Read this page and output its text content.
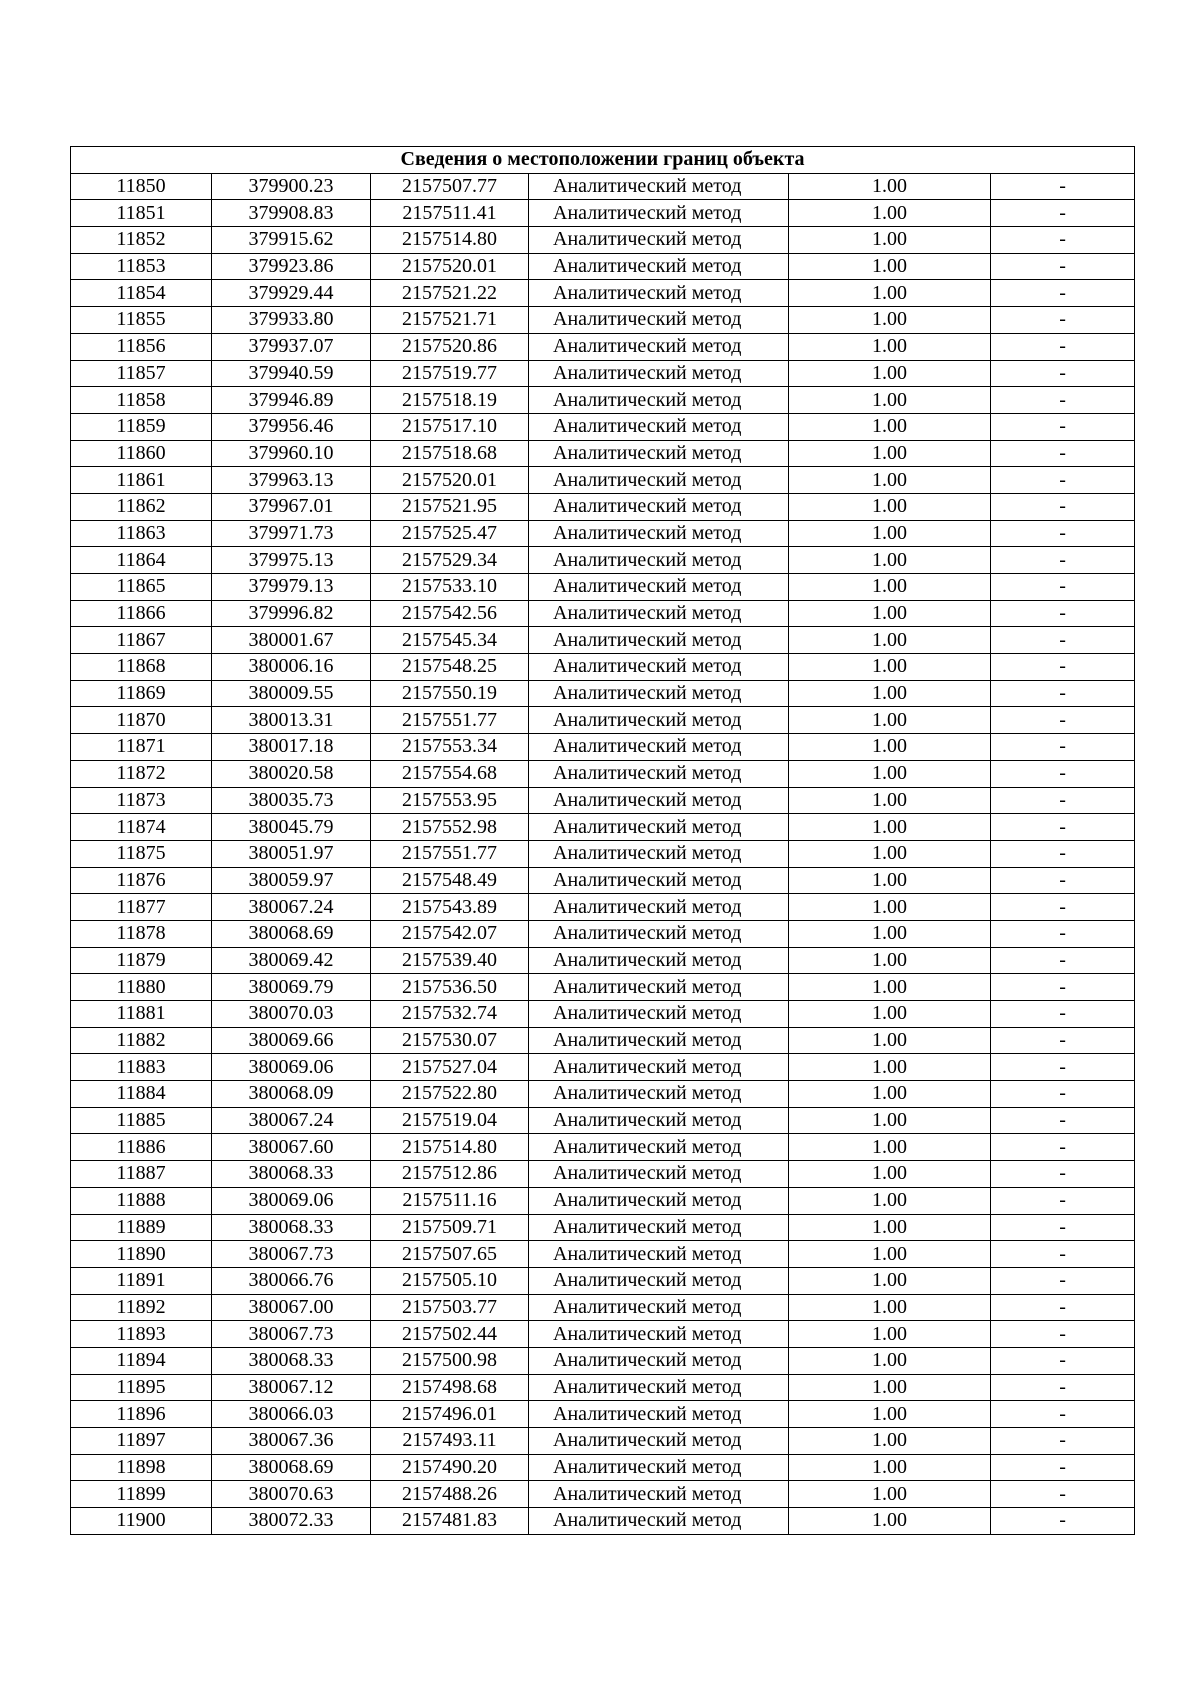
Сведения о местоположении границ объекта					
11850	379900.23	2157507.77	Аналитический метод	1.00	-
11851	379908.83	2157511.41	Аналитический метод	1.00	-
11852	379915.62	2157514.80	Аналитический метод	1.00	-
11853	379923.86	2157520.01	Аналитический метод	1.00	-
11854	379929.44	2157521.22	Аналитический метод	1.00	-
11855	379933.80	2157521.71	Аналитический метод	1.00	-
11856	379937.07	2157520.86	Аналитический метод	1.00	-
11857	379940.59	2157519.77	Аналитический метод	1.00	-
11858	379946.89	2157518.19	Аналитический метод	1.00	-
11859	379956.46	2157517.10	Аналитический метод	1.00	-
11860	379960.10	2157518.68	Аналитический метод	1.00	-
11861	379963.13	2157520.01	Аналитический метод	1.00	-
11862	379967.01	2157521.95	Аналитический метод	1.00	-
11863	379971.73	2157525.47	Аналитический метод	1.00	-
11864	379975.13	2157529.34	Аналитический метод	1.00	-
11865	379979.13	2157533.10	Аналитический метод	1.00	-
11866	379996.82	2157542.56	Аналитический метод	1.00	-
11867	380001.67	2157545.34	Аналитический метод	1.00	-
11868	380006.16	2157548.25	Аналитический метод	1.00	-
11869	380009.55	2157550.19	Аналитический метод	1.00	-
11870	380013.31	2157551.77	Аналитический метод	1.00	-
11871	380017.18	2157553.34	Аналитический метод	1.00	-
11872	380020.58	2157554.68	Аналитический метод	1.00	-
11873	380035.73	2157553.95	Аналитический метод	1.00	-
11874	380045.79	2157552.98	Аналитический метод	1.00	-
11875	380051.97	2157551.77	Аналитический метод	1.00	-
11876	380059.97	2157548.49	Аналитический метод	1.00	-
11877	380067.24	2157543.89	Аналитический метод	1.00	-
11878	380068.69	2157542.07	Аналитический метод	1.00	-
11879	380069.42	2157539.40	Аналитический метод	1.00	-
11880	380069.79	2157536.50	Аналитический метод	1.00	-
11881	380070.03	2157532.74	Аналитический метод	1.00	-
11882	380069.66	2157530.07	Аналитический метод	1.00	-
11883	380069.06	2157527.04	Аналитический метод	1.00	-
11884	380068.09	2157522.80	Аналитический метод	1.00	-
11885	380067.24	2157519.04	Аналитический метод	1.00	-
11886	380067.60	2157514.80	Аналитический метод	1.00	-
11887	380068.33	2157512.86	Аналитический метод	1.00	-
11888	380069.06	2157511.16	Аналитический метод	1.00	-
11889	380068.33	2157509.71	Аналитический метод	1.00	-
11890	380067.73	2157507.65	Аналитический метод	1.00	-
11891	380066.76	2157505.10	Аналитический метод	1.00	-
11892	380067.00	2157503.77	Аналитический метод	1.00	-
11893	380067.73	2157502.44	Аналитический метод	1.00	-
11894	380068.33	2157500.98	Аналитический метод	1.00	-
11895	380067.12	2157498.68	Аналитический метод	1.00	-
11896	380066.03	2157496.01	Аналитический метод	1.00	-
11897	380067.36	2157493.11	Аналитический метод	1.00	-
11898	380068.69	2157490.20	Аналитический метод	1.00	-
11899	380070.63	2157488.26	Аналитический метод	1.00	-
11900	380072.33	2157481.83	Аналитический метод	1.00	-
